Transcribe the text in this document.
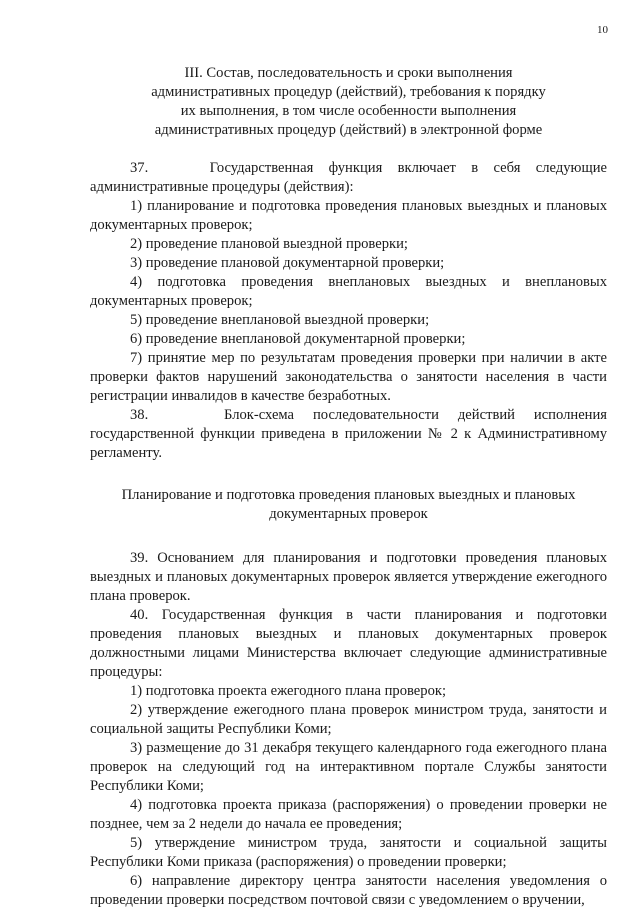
10
III. Состав, последовательность и сроки выполнения
административных процедур (действий), требования к порядку
их выполнения, в том числе особенности выполнения
административных процедур (действий) в электронной форме

37.    Государственная функция включает в себя следующие административные процедуры (действия):

1) планирование и подготовка проведения плановых выездных и плановых документарных проверок;

2) проведение плановой выездной проверки;

3) проведение плановой документарной проверки;

4) подготовка проведения внеплановых выездных и внеплановых документарных проверок;

5) проведение внеплановой выездной проверки;

6) проведение внеплановой документарной проверки;

7) принятие мер по результатам проведения проверки при наличии в акте проверки фактов нарушений законодательства о занятости населения в части регистрации инвалидов в качестве безработных.

38.    Блок-схема последовательности действий исполнения государственной функции приведена в приложении № 2 к Административному регламенту.

Планирование и подготовка проведения плановых выездных и плановых
документарных проверок

39. Основанием для планирования и подготовки проведения плановых выездных и плановых документарных проверок является утверждение ежегодного плана проверок.

40. Государственная функция в части планирования и подготовки проведения плановых выездных и плановых документарных проверок должностными лицами Министерства включает следующие административные процедуры:

1) подготовка проекта ежегодного плана проверок;

2) утверждение ежегодного плана проверок министром труда, занятости и социальной защиты Республики Коми;

3) размещение до 31 декабря текущего календарного года ежегодного плана проверок на следующий год на интерактивном портале Службы занятости Республики Коми;

4) подготовка проекта приказа (распоряжения) о проведении проверки не позднее, чем за 2 недели до начала ее проведения;

5) утверждение министром труда, занятости и социальной защиты Республики Коми приказа (распоряжения) о проведении проверки;

6) направление директору центра занятости населения уведомления о проведении проверки посредством почтовой связи с уведомлением о вручении,
